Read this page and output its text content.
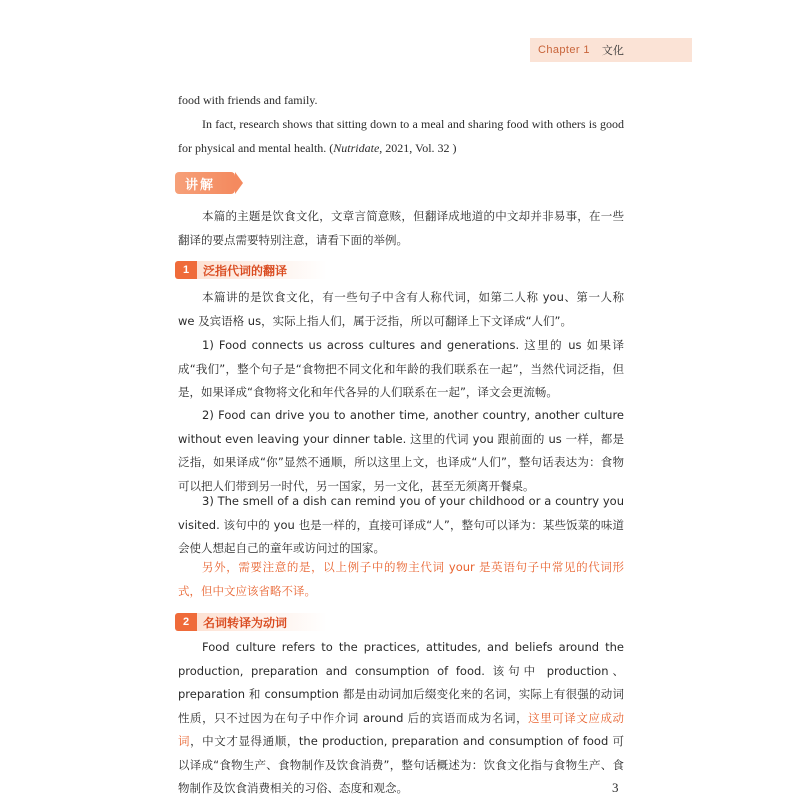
Chapter 1 文化
food with friends and family.
In fact, research shows that sitting down to a meal and sharing food with others is good for physical and mental health. (Nutridate, 2021, Vol. 32 )
讲解
本篇的主题是饮食文化，文章言简意赅，但翻译成地道的中文却并非易事，在一些翻译的要点需要特别注意，请看下面的举例。
1	泛指代词的翻译
本篇讲的是饮食文化，有一些句子中含有人称代词，如第二人称 you、第一人称 we 及宾语格 us，实际上指人们，属于泛指，所以可翻译上下文译成“人们”。
1) Food connects us across cultures and generations. 这里的 us 如果译成“我们”，整个句子是“食物把不同文化和年龄的我们联系在一起”，当然代词泛指，但是，如果译成“食物将文化和年代各异的人们联系在一起”，译文会更流畅。
2) Food can drive you to another time, another country, another culture without even leaving your dinner table. 这里的代词 you 跟前面的 us 一样，都是泛指，如果译成“你”显然不通顺，所以这里上文，也译成“人们”，整句话表达为：食物可以把人们带到另一时代，另一国家，另一文化，甚至无须离开餐桌。
3) The smell of a dish can remind you of your childhood or a country you visited. 该句中的 you 也是一样的，直接可译成“人”，整句可以译为：某些饭菜的味道会使人想起自己的童年或访问过的国家。
另外，需要注意的是，以上例子中的物主代词 your 是英语句子中常见的代词形式，但中文应该省略不译。
2	名词转译为动词
Food culture refers to the practices, attitudes, and beliefs around the production, preparation and consumption of food. 该句中 production、preparation 和 consumption 都是由动词加后缀变化来的名词，实际上有很强的动词性质，只不过因为在句子中作介词 around 后的宾语而成为名词，这里可译文应成动词，中文才显得通顺，the production, preparation and consumption of food 可以译成“食物生产、食物制作及饮食消费”，整句话概述为：饮食文化指与食物生产、食物制作及饮食消费相关的习俗、态度和观念。	3
